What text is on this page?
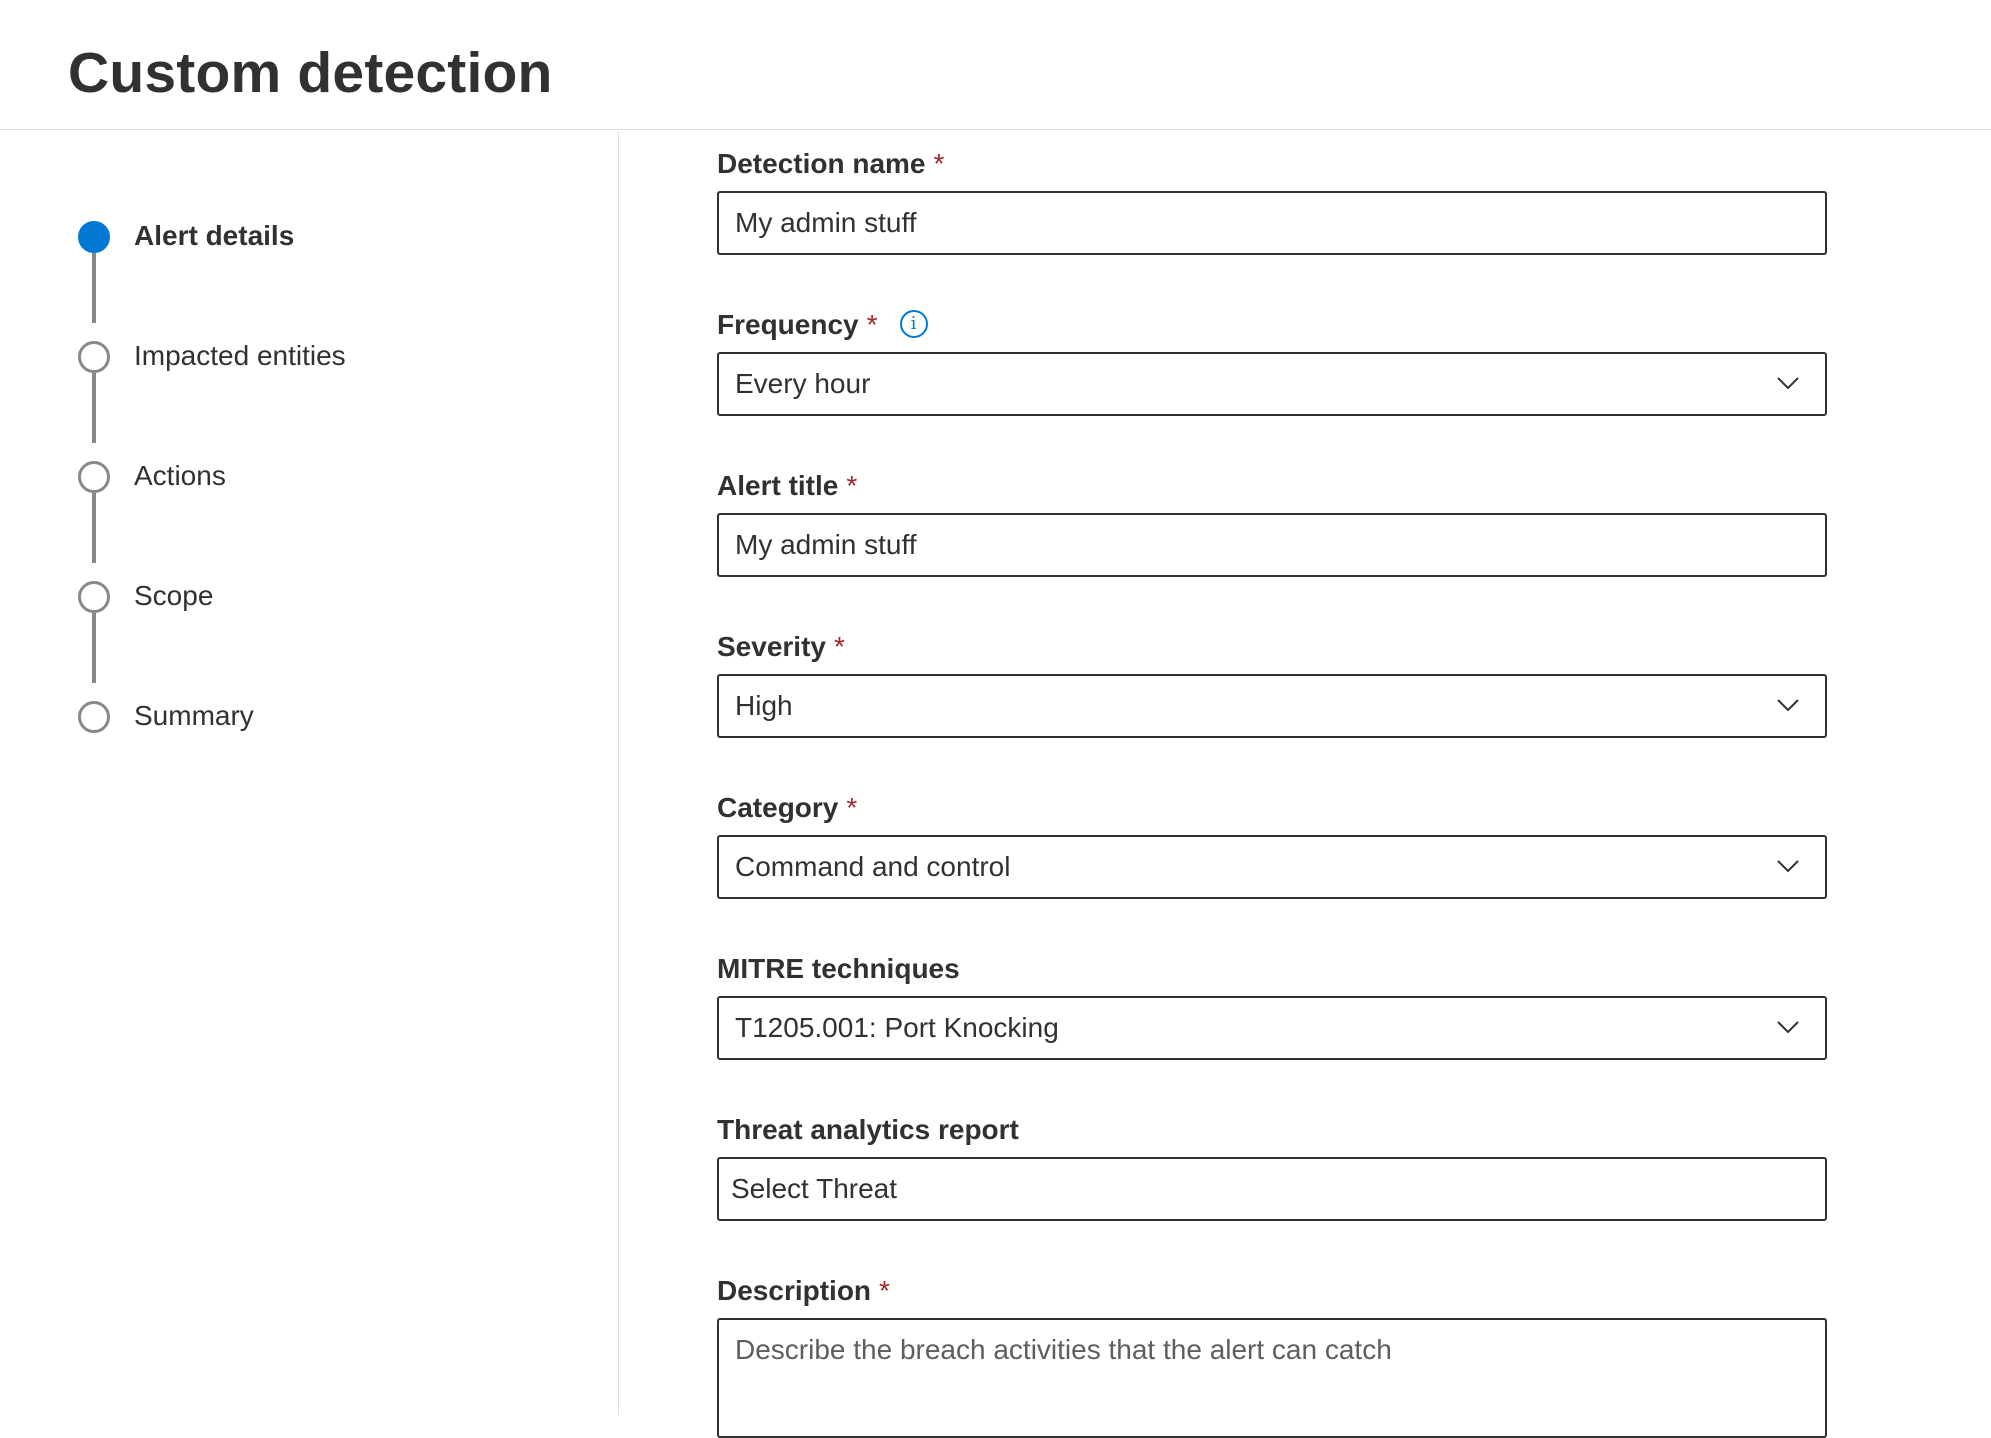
Custom detection
Alert details
Impacted entities
Actions
Scope
Summary
Detection name *
My admin stuff
Frequency *i
Every hour
Alert title *
My admin stuff
Severity *
High
Category *
Command and control
MITRE techniques
T1205.001: Port Knocking
Threat analytics report
Select Threat
Description *
Describe the breach activities that the alert can catch
